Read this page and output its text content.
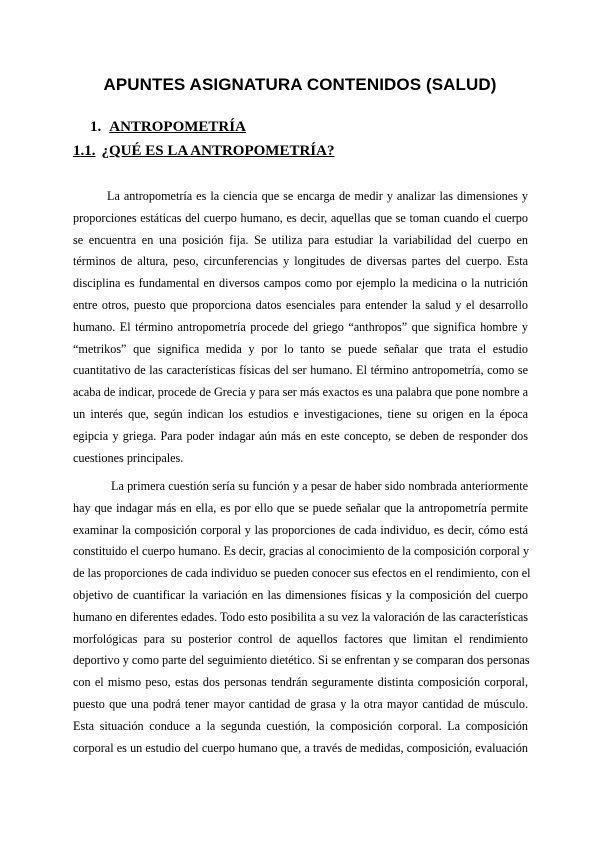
APUNTES ASIGNATURA CONTENIDOS (SALUD)
1. ANTROPOMETRÍA
1.1. ¿QUÉ ES LA ANTROPOMETRÍA?
La antropometría es la ciencia que se encarga de medir y analizar las dimensiones y
proporciones estáticas del cuerpo humano, es decir, aquellas que se toman cuando el cuerpo
se encuentra en una posición fija. Se utiliza para estudiar la variabilidad del cuerpo en
términos de altura, peso, circunferencias y longitudes de diversas partes del cuerpo. Esta
disciplina es fundamental en diversos campos como por ejemplo la medicina o la nutrición
entre otros, puesto que proporciona datos esenciales para entender la salud y el desarrollo
humano. El término antropometría procede del griego “anthropos” que significa hombre y
“metrikos” que significa medida y por lo tanto se puede señalar que trata el estudio
cuantitativo de las características físicas del ser humano. El término antropometría, como se
acaba de indicar, procede de Grecia y para ser más exactos es una palabra que pone nombre a
un interés que, según indican los estudios e investigaciones, tiene su origen en la época
egipcia y griega. Para poder indagar aún más en este concepto, se deben de responder dos
cuestiones principales.
La primera cuestión sería su función y a pesar de haber sido nombrada anteriormente
hay que indagar más en ella, es por ello que se puede señalar que la antropometría permite
examinar la composición corporal y las proporciones de cada individuo, es decir, cómo está
constituido el cuerpo humano. Es decir, gracias al conocimiento de la composición corporal y
de las proporciones de cada individuo se pueden conocer sus efectos en el rendimiento, con el
objetivo de cuantificar la variación en las dimensiones físicas y la composición del cuerpo
humano en diferentes edades. Todo esto posibilita a su vez la valoración de las características
morfológicas para su posterior control de aquellos factores que limitan el rendimiento
deportivo y como parte del seguimiento dietético. Si se enfrentan y se comparan dos personas
con el mismo peso, estas dos personas tendrán seguramente distinta composición corporal,
puesto que una podrá tener mayor cantidad de grasa y la otra mayor cantidad de músculo.
Esta situación conduce a la segunda cuestión, la composición corporal. La composición
corporal es un estudio del cuerpo humano que, a través de medidas, composición, evaluación
